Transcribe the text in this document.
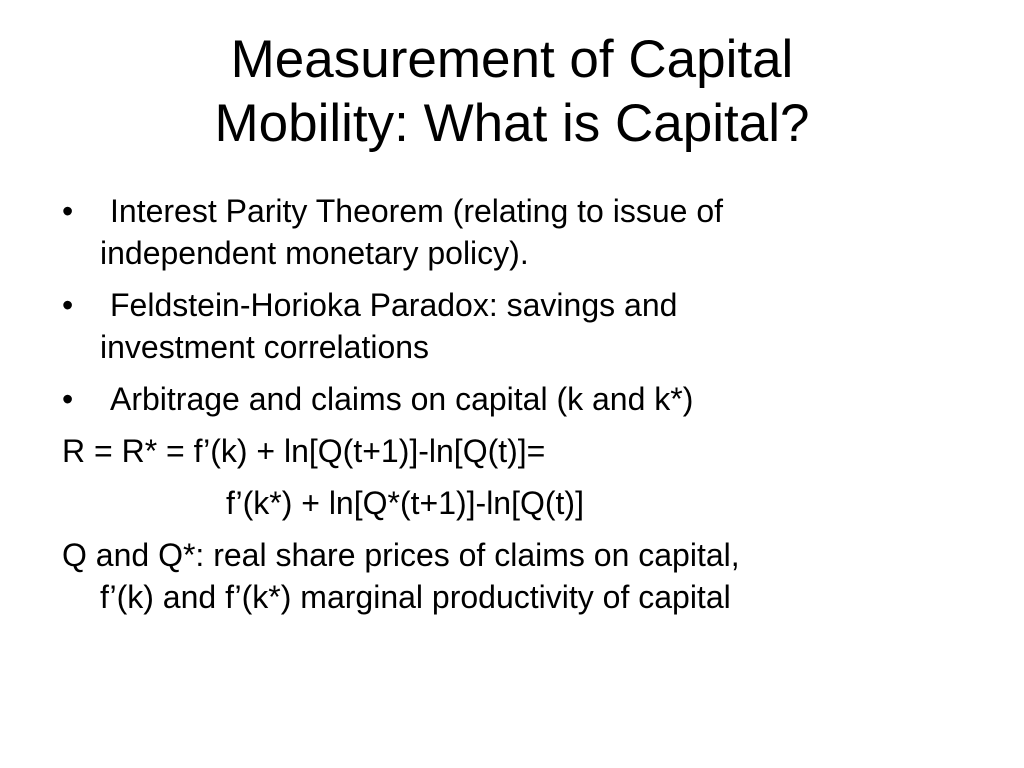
Measurement of Capital
Mobility: What is Capital?
•	Interest Parity Theorem (relating to issue of
independent monetary policy).
•	Feldstein-Horioka Paradox: savings and
investment correlations
•	Arbitrage and claims on capital (k and k*)
R = R* = f’(k) + ln[Q(t+1)]-ln[Q(t)]=
f’(k*) + ln[Q*(t+1)]-ln[Q(t)]
Q and Q*: real share prices of claims on capital,
f’(k) and f’(k*) marginal productivity of capital
